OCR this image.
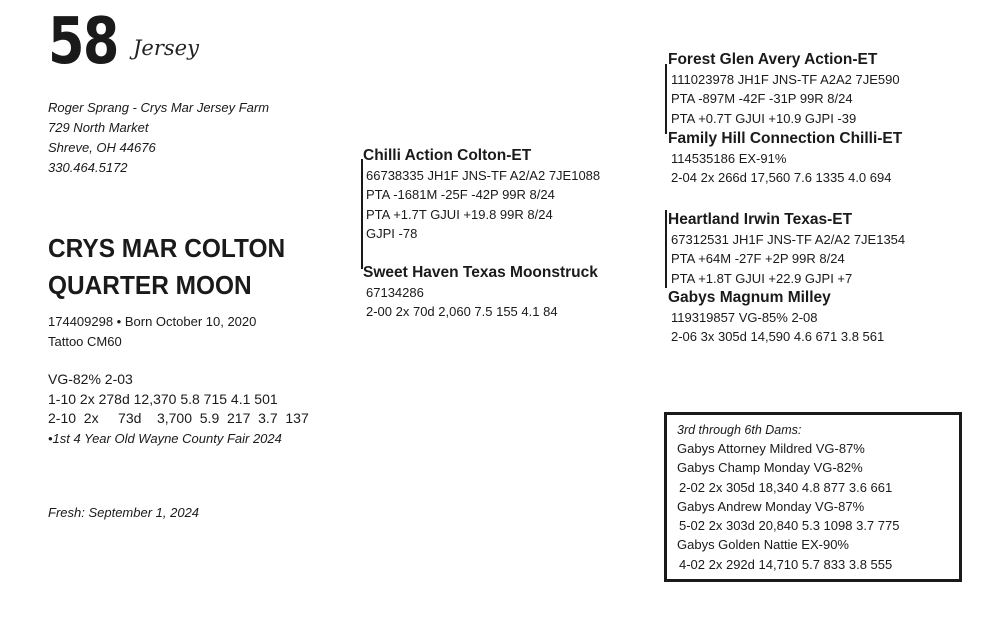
58 Jersey
Roger Sprang - Crys Mar Jersey Farm
729 North Market
Shreve, OH 44676
330.464.5172
CRYS MAR COLTON
QUARTER MOON
174409298 • Born October 10, 2020
Tattoo CM60
VG-82% 2-03
1-10 2x 278d 12,370 5.8 715 4.1 501
2-10  2x     73d    3,700  5.9  217  3.7  137
•1st 4 Year Old Wayne County Fair 2024
Fresh: September 1, 2024
Chilli Action Colton-ET
66738335 JH1F JNS-TF A2/A2 7JE1088
PTA -1681M -25F -42P 99R 8/24
PTA +1.7T GJUI +19.8 99R 8/24
GJPI -78
Sweet Haven Texas Moonstruck
67134286
2-00 2x 70d 2,060 7.5 155 4.1 84
Forest Glen Avery Action-ET
111023978 JH1F JNS-TF A2A2 7JE590
PTA -897M -42F -31P 99R 8/24
PTA +0.7T GJUI +10.9 GJPI -39
Family Hill Connection Chilli-ET
114535186 EX-91%
2-04 2x 266d 17,560 7.6 1335 4.0 694
Heartland Irwin Texas-ET
67312531 JH1F JNS-TF A2/A2 7JE1354
PTA +64M -27F +2P 99R 8/24
PTA +1.8T GJUI +22.9 GJPI +7
Gabys Magnum Milley
119319857 VG-85% 2-08
2-06 3x 305d 14,590 4.6 671 3.8 561
3rd through 6th Dams:
Gabys Attorney Mildred VG-87%
Gabys Champ Monday VG-82%
2-02 2x 305d 18,340 4.8 877 3.6 661
Gabys Andrew Monday VG-87%
5-02 2x 303d 20,840 5.3 1098 3.7 775
Gabys Golden Nattie EX-90%
4-02 2x 292d 14,710 5.7 833 3.8 555
